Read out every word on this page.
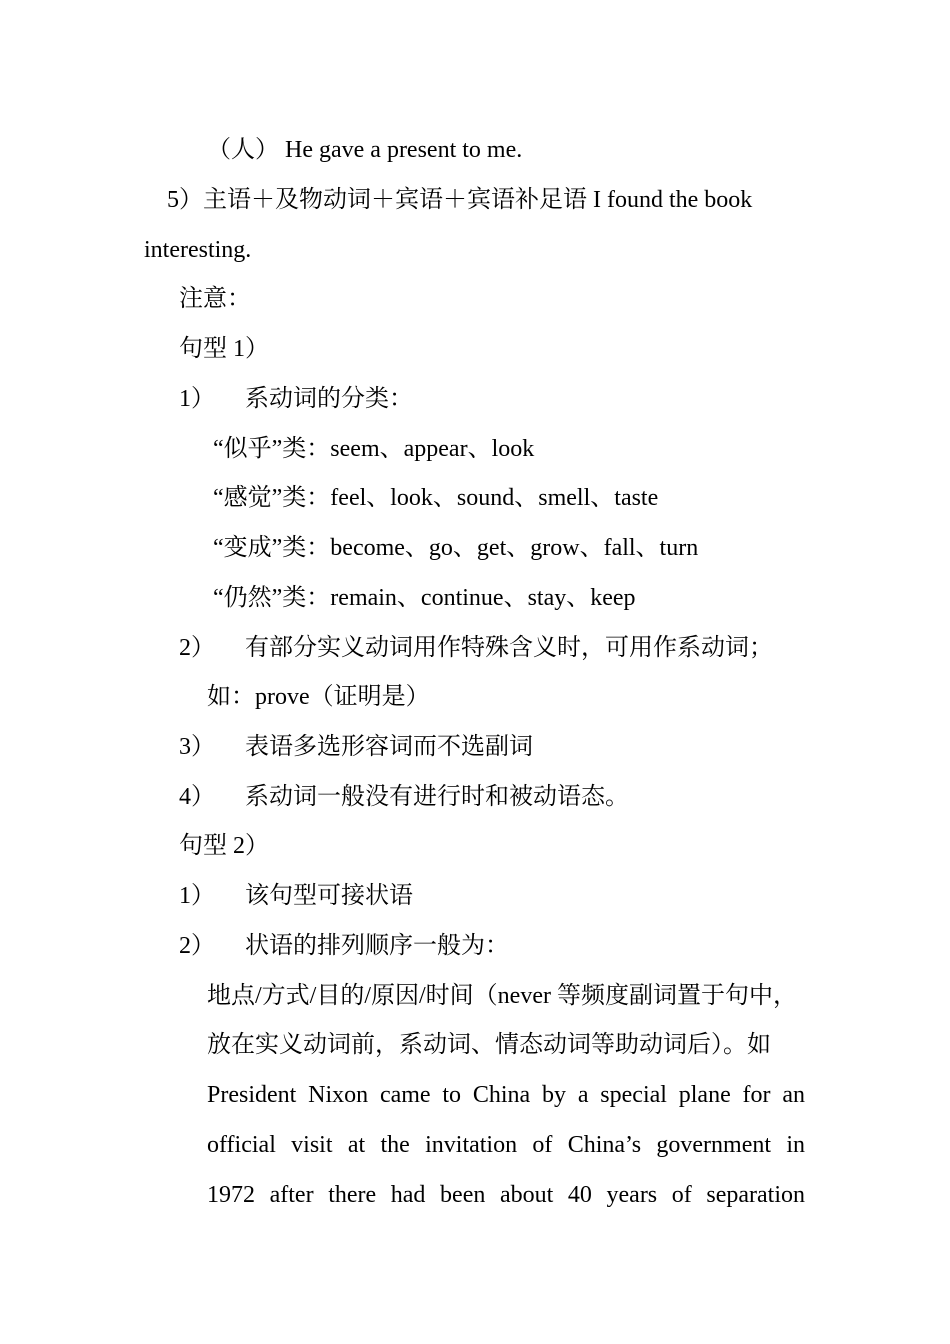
（人） He gave a present to me.
5）主语＋及物动词＋宾语＋宾语补足语 I found the book
interesting.
注意：
句型 1）
1） 系动词的分类：
“似乎”类：seem、appear、look
“感觉”类：feel、look、sound、smell、taste
“变成”类：become、go、get、grow、fall、turn
“仍然”类：remain、continue、stay、keep
2） 有部分实义动词用作特殊含义时，可用作系动词；
如：prove（证明是）
3） 表语多选形容词而不选副词
4） 系动词一般没有进行时和被动语态。
句型 2）
1） 该句型可接状语
2） 状语的排列顺序一般为：
地点/方式/目的/原因/时间（never 等频度副词置于句中，
放在实义动词前，系动词、情态动词等助动词后）。如
President Nixon came to China by a special plane for an
official visit at the invitation of China’s government in
1972 after there had been about 40 years of separation
